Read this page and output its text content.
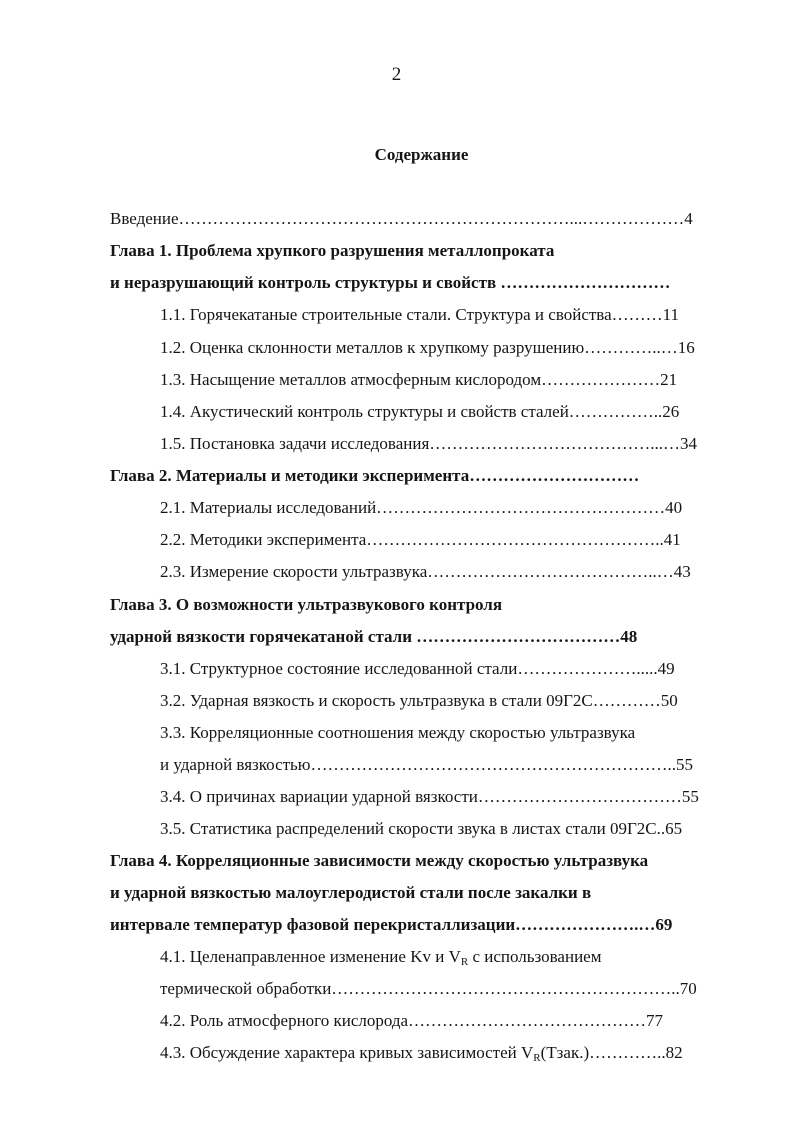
2
Содержание
Введение……………………………………………………………...………………4
Глава 1. Проблема хрупкого разрушения металлопроката
и неразрушающий контроль структуры и свойств …………………………
1.1. Горячекатаные строительные стали. Структура и свойства………11
1.2. Оценка склонности металлов к хрупкому разрушению…………..…16
1.3. Насыщение металлов атмосферным кислородом…………………21
1.4. Акустический контроль структуры и свойств сталей……………..26
1.5. Постановка задачи исследования…………………………………...…34
Глава 2. Материалы и методики эксперимента…………………………
2.1. Материалы исследований……………………………………………40
2.2. Методики эксперимента……………………………………………..41
2.3. Измерение скорости ультразвука…………………………………..…43
Глава 3. О возможности ультразвукового контроля
ударной вязкости горячекатаной стали ………………………………48
3.1. Структурное состояние исследованной стали………………….....49
3.2. Ударная вязкость и скорость ультразвука в стали 09Г2С…………50
3.3. Корреляционные соотношения между скоростью ультразвука
и ударной вязкостью………………………………………………………..55
3.4. О причинах вариации ударной вязкости………………………………55
3.5. Статистика распределений скорости звука в листах стали 09Г2С..65
Глава 4. Корреляционные зависимости между скоростью ультразвука
и ударной вязкостью малоуглеродистой стали после закалки в
интервале температур фазовой перекристаллизации………………….…69
4.1. Целенаправленное изменение Kv и $V_R$ с использованием
термической обработки……………………………………………………..70
4.2. Роль атмосферного кислорода……………………………………77
4.3. Обсуждение характера кривых зависимостей $V_R(Тзак.)\dots\dots\dots\dots..82$
